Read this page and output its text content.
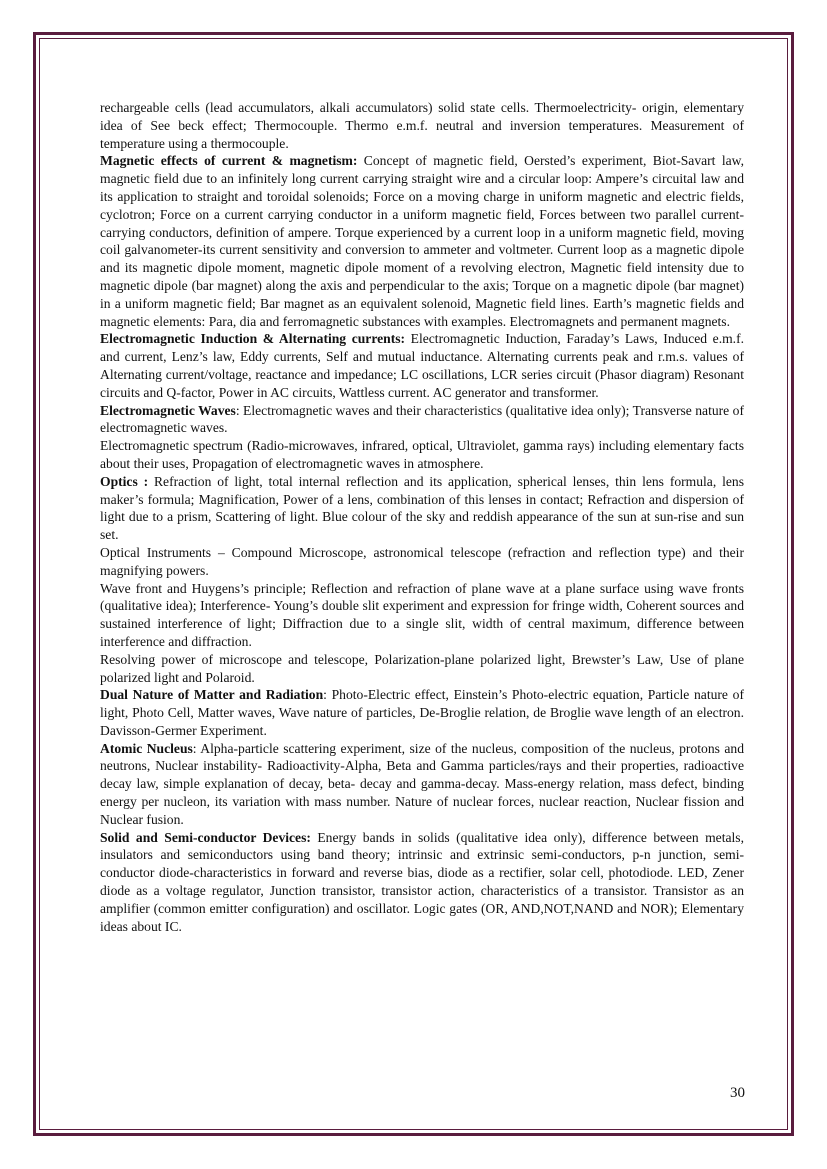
rechargeable cells (lead accumulators, alkali accumulators) solid state cells. Thermoelectricity- origin, elementary idea of See beck effect; Thermocouple. Thermo e.m.f. neutral and inversion temperatures. Measurement of temperature using a thermocouple.

Magnetic effects of current & magnetism: Concept of magnetic field, Oersted’s experiment, Biot-Savart law, magnetic field due to an infinitely long current carrying straight wire and a circular loop: Ampere’s circuital law and its application to straight and toroidal solenoids; Force on a moving charge in uniform magnetic and electric fields, cyclotron; Force on a current carrying conductor in a uniform magnetic field, Forces between two parallel current- carrying conductors, definition of ampere. Torque experienced by a current loop in a uniform magnetic field, moving coil galvanometer-its current sensitivity and conversion to ammeter and voltmeter. Current loop as a magnetic dipole and its magnetic dipole moment, magnetic dipole moment of a revolving electron, Magnetic field intensity due to magnetic dipole (bar magnet) along the axis and perpendicular to the axis; Torque on a magnetic dipole (bar magnet) in a uniform magnetic field; Bar magnet as an equivalent solenoid, Magnetic field lines. Earth’s magnetic fields and magnetic elements: Para, dia and ferromagnetic substances with examples. Electromagnets and permanent magnets.

Electromagnetic Induction & Alternating currents: Electromagnetic Induction, Faraday’s Laws, Induced e.m.f. and current, Lenz’s law, Eddy currents, Self and mutual inductance. Alternating currents peak and r.m.s. values of Alternating current/voltage, reactance and impedance; LC oscillations, LCR series circuit (Phasor diagram) Resonant circuits and Q-factor, Power in AC circuits, Wattless current. AC generator and transformer.

Electromagnetic Waves: Electromagnetic waves and their characteristics (qualitative idea only); Transverse nature of electromagnetic waves.

Electromagnetic spectrum (Radio-microwaves, infrared, optical, Ultraviolet, gamma rays) including elementary facts about their uses, Propagation of electromagnetic waves in atmosphere.

Optics : Refraction of light, total internal reflection and its application, spherical lenses, thin lens formula, lens maker’s formula; Magnification, Power of a lens, combination of this lenses in contact; Refraction and dispersion of light due to a prism, Scattering of light. Blue colour of the sky and reddish appearance of the sun at sun-rise and sun set.

Optical Instruments – Compound Microscope, astronomical telescope (refraction and reflection type) and their magnifying powers.

Wave front and Huygens’s principle; Reflection and refraction of plane wave at a plane surface using wave fronts (qualitative idea); Interference- Young’s double slit experiment and expression for fringe width, Coherent sources and sustained interference of light; Diffraction due to a single slit, width of central maximum, difference between interference and diffraction.

Resolving power of microscope and telescope, Polarization-plane polarized light, Brewster’s Law, Use of plane polarized light and Polaroid.

Dual Nature of Matter and Radiation: Photo-Electric effect, Einstein’s Photo-electric equation, Particle nature of light, Photo Cell, Matter waves, Wave nature of particles, De-Broglie relation, de Broglie wave length of an electron. Davisson-Germer Experiment.

Atomic Nucleus: Alpha-particle scattering experiment, size of the nucleus, composition of the nucleus, protons and neutrons, Nuclear instability- Radioactivity-Alpha, Beta and Gamma particles/rays and their properties, radioactive decay law, simple explanation of decay, beta- decay and gamma-decay. Mass-energy relation, mass defect, binding energy per nucleon, its variation with mass number. Nature of nuclear forces, nuclear reaction, Nuclear fission and Nuclear fusion.

Solid and Semi-conductor Devices: Energy bands in solids (qualitative idea only), difference between metals, insulators and semiconductors using band theory; intrinsic and extrinsic semi-conductors, p-n junction, semi-conductor diode-characteristics in forward and reverse bias, diode as a rectifier, solar cell, photodiode. LED, Zener diode as a voltage regulator, Junction transistor, transistor action, characteristics of a transistor. Transistor as an amplifier (common emitter configuration) and oscillator. Logic gates (OR, AND,NOT,NAND and NOR); Elementary ideas about IC.

30
